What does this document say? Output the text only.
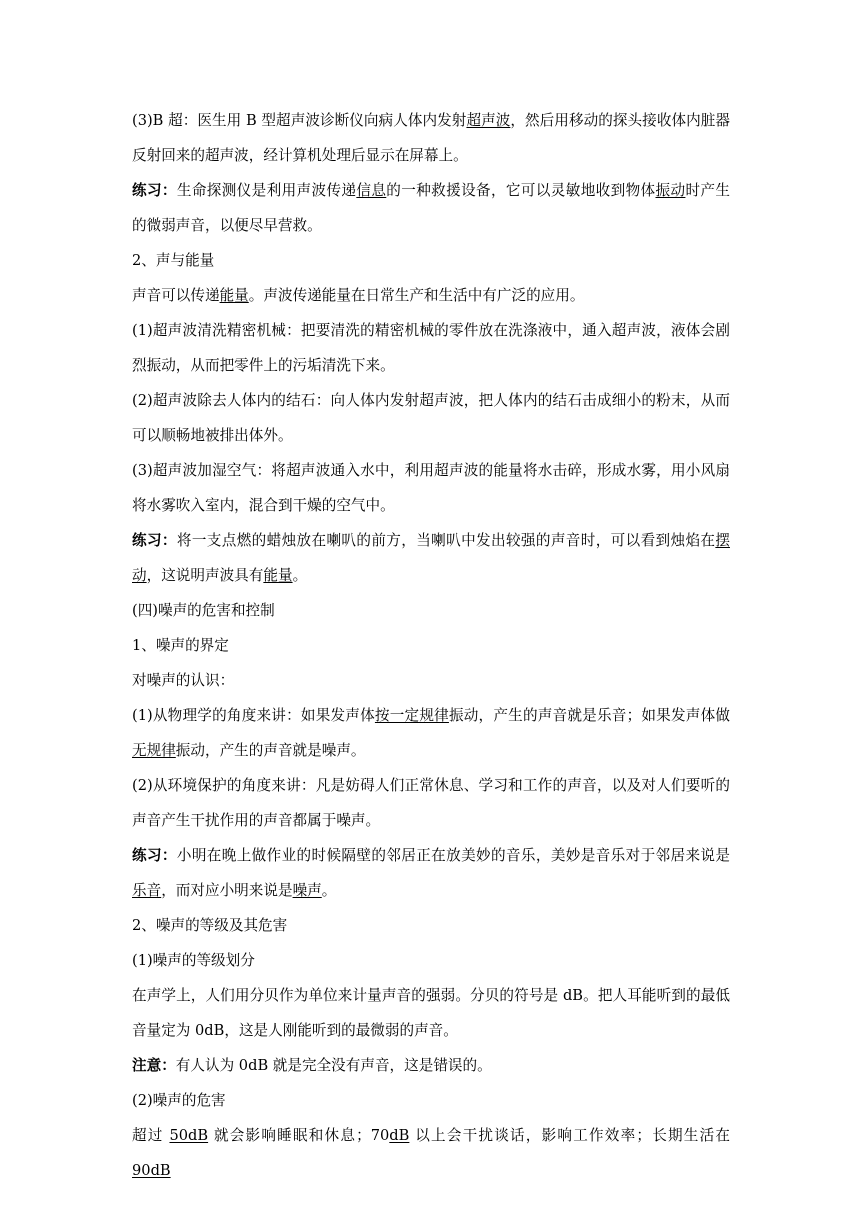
(3)B 超：医生用 B 型超声波诊断仪向病人体内发射超声波，然后用移动的探头接收体内脏器反射回来的超声波，经计算机处理后显示在屏幕上。

练习：生命探测仪是利用声波传递信息的一种救援设备，它可以灵敏地收到物体振动时产生的微弱声音，以便尽早营救。

2、声与能量

声音可以传递能量。声波传递能量在日常生产和生活中有广泛的应用。

(1)超声波清洗精密机械：把要清洗的精密机械的零件放在洗涤液中，通入超声波，液体会剧烈振动，从而把零件上的污垢清洗下来。

(2)超声波除去人体内的结石：向人体内发射超声波，把人体内的结石击成细小的粉末，从而可以顺畅地被排出体外。

(3)超声波加湿空气：将超声波通入水中，利用超声波的能量将水击碎，形成水雾，用小风扇将水雾吹入室内，混合到干燥的空气中。

练习：将一支点燃的蜡烛放在喇叭的前方，当喇叭中发出较强的声音时，可以看到烛焰在摆动，这说明声波具有能量。

(四)噪声的危害和控制

1、噪声的界定

对噪声的认识：

(1)从物理学的角度来讲：如果发声体按一定规律振动，产生的声音就是乐音；如果发声体做无规律振动，产生的声音就是噪声。

(2)从环境保护的角度来讲：凡是妨碍人们正常休息、学习和工作的声音，以及对人们要听的声音产生干扰作用的声音都属于噪声。

练习：小明在晚上做作业的时候隔壁的邻居正在放美妙的音乐，美妙是音乐对于邻居来说是乐音，而对应小明来说是噪声。

2、噪声的等级及其危害

(1)噪声的等级划分

在声学上，人们用分贝作为单位来计量声音的强弱。分贝的符号是 dB。把人耳能听到的最低音量定为 0dB，这是人刚能听到的最微弱的声音。

注意：有人认为 0dB 就是完全没有声音，这是错误的。

(2)噪声的危害

超过 50dB 就会影响睡眠和休息；70dB 以上会干扰谈话，影响工作效率；长期生活在 90dB
